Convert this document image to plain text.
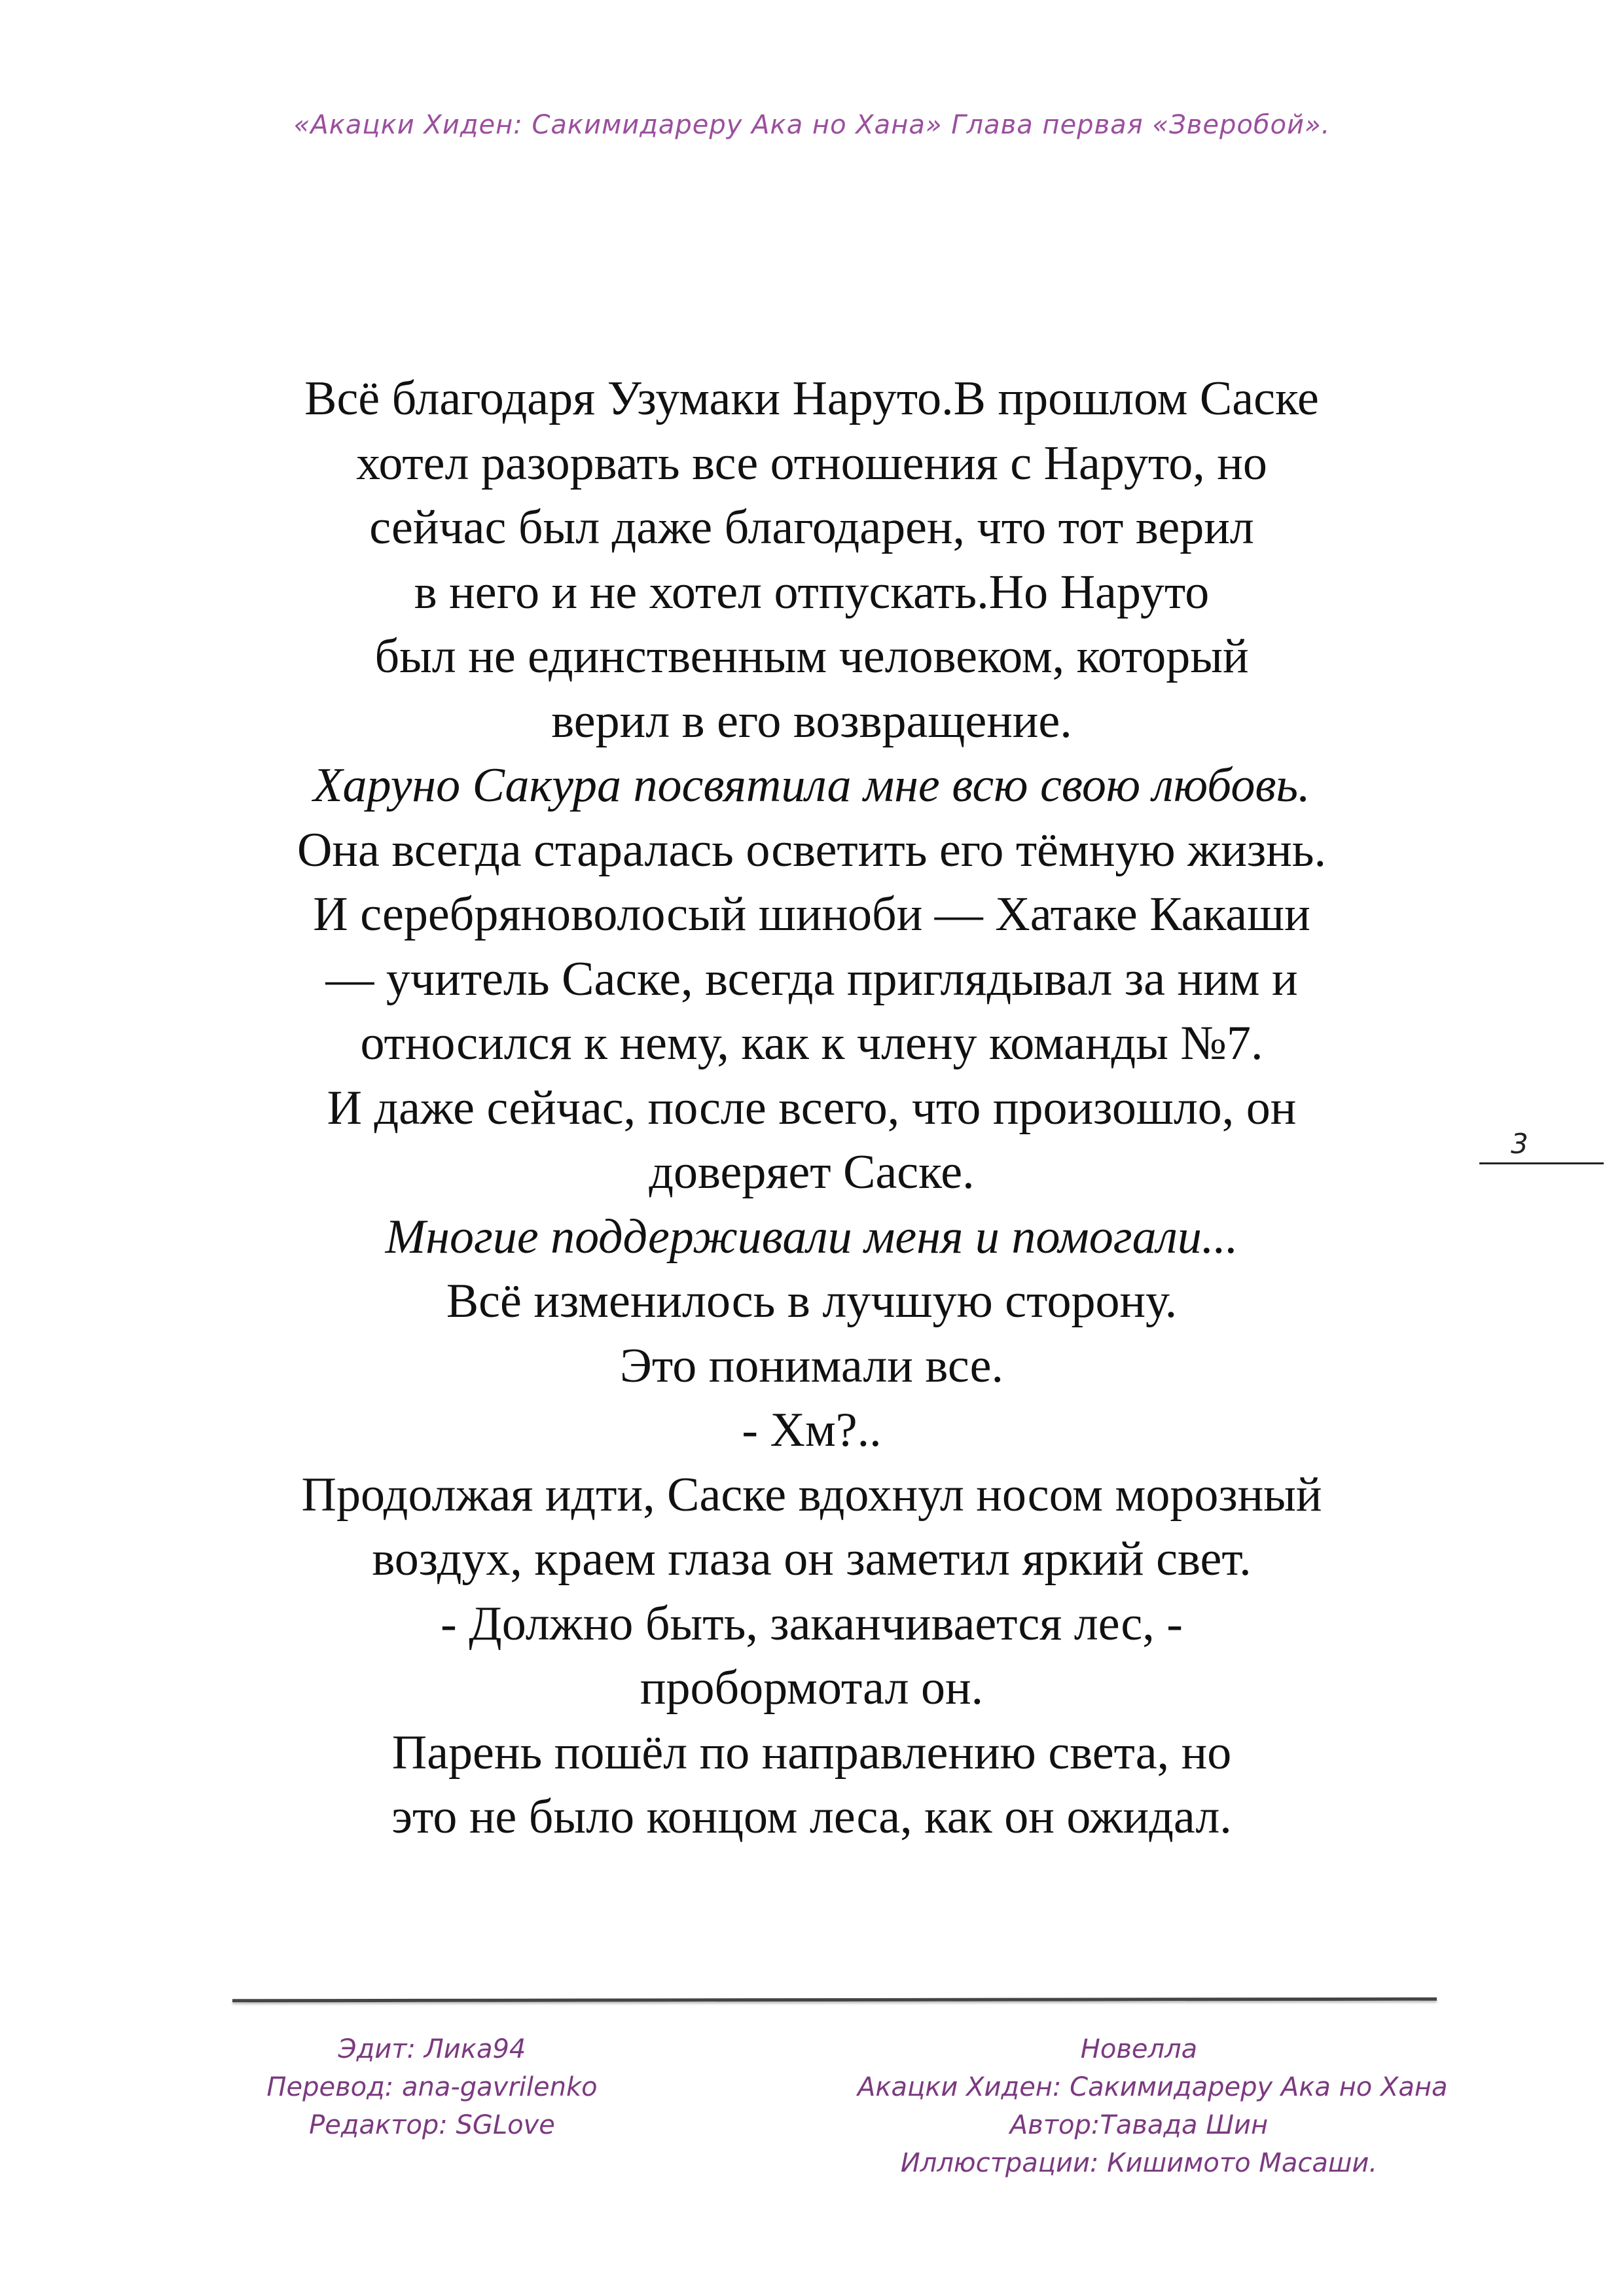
«Акацки Хиден: Сакимидареру Ака но Хана» Глава первая «Зверобой».
Всё благодаря Узумаки Наруто.В прошлом Саске
хотел разорвать все отношения с Наруто, но
сейчас был даже благодарен, что тот верил
в него и не хотел отпускать.Но Наруто
был не единственным человеком, который
верил в его возвращение.
Харуно Сакура посвятила мне всю свою любовь.
Она всегда старалась осветить его тёмную жизнь.
И серебряноволосый шиноби — Хатаке Какаши
— учитель Саске, всегда приглядывал за ним и
относился к нему, как к члену команды №7.
И даже сейчас, после всего, что произошло, он
доверяет Саске.
Многие поддерживали меня и помогали...
Всё изменилось в лучшую сторону.
Это понимали все.
- Хм?..
Продолжая идти, Саске вдохнул носом морозный
воздух, краем глаза он заметил яркий свет.
- Должно быть, заканчивается лес, -
пробормотал он.
Парень пошёл по направлению света, но
это не было концом леса, как он ожидал.
3
Эдит: Лика94
Перевод: ana-gavrilenko
Редактор: SGLove
Новелла
Акацки Хиден: Сакимидареру Ака но Хана
Автор:Тавада Шин
Иллюстрации: Кишимото Масаши.
